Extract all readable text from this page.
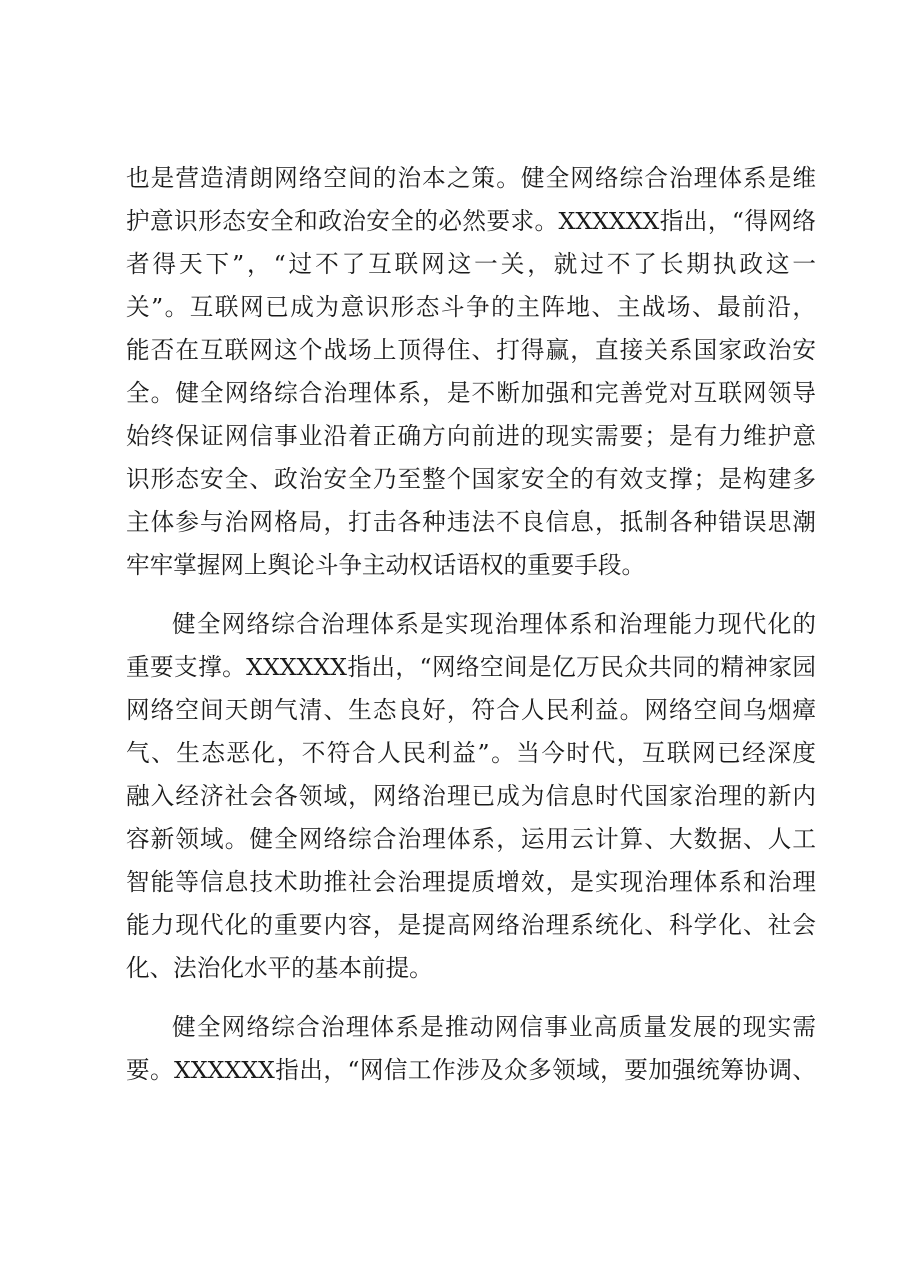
也是营造清朗网络空间的治本之策。健全网络综合治理体系是维
护意识形态安全和政治安全的必然要求。XXXXXX指出，“得网络
者得天下”，“过不了互联网这一关，就过不了长期执政这一
关”。互联网已成为意识形态斗争的主阵地、主战场、最前沿，
能否在互联网这个战场上顶得住、打得赢，直接关系国家政治安
全。健全网络综合治理体系，是不断加强和完善党对互联网领导
始终保证网信事业沿着正确方向前进的现实需要；是有力维护意
识形态安全、政治安全乃至整个国家安全的有效支撑；是构建多
主体参与治网格局，打击各种违法不良信息，抵制各种错误思潮
牢牢掌握网上舆论斗争主动权话语权的重要手段。
健全网络综合治理体系是实现治理体系和治理能力现代化的
重要支撑。XXXXXX指出，“网络空间是亿万民众共同的精神家园
网络空间天朗气清、生态良好，符合人民利益。网络空间乌烟瘴
气、生态恶化，不符合人民利益”。当今时代，互联网已经深度
融入经济社会各领域，网络治理已成为信息时代国家治理的新内
容新领域。健全网络综合治理体系，运用云计算、大数据、人工
智能等信息技术助推社会治理提质增效，是实现治理体系和治理
能力现代化的重要内容，是提高网络治理系统化、科学化、社会
化、法治化水平的基本前提。
健全网络综合治理体系是推动网信事业高质量发展的现实需
要。XXXXXX指出，“网信工作涉及众多领域，要加强统筹协调、
